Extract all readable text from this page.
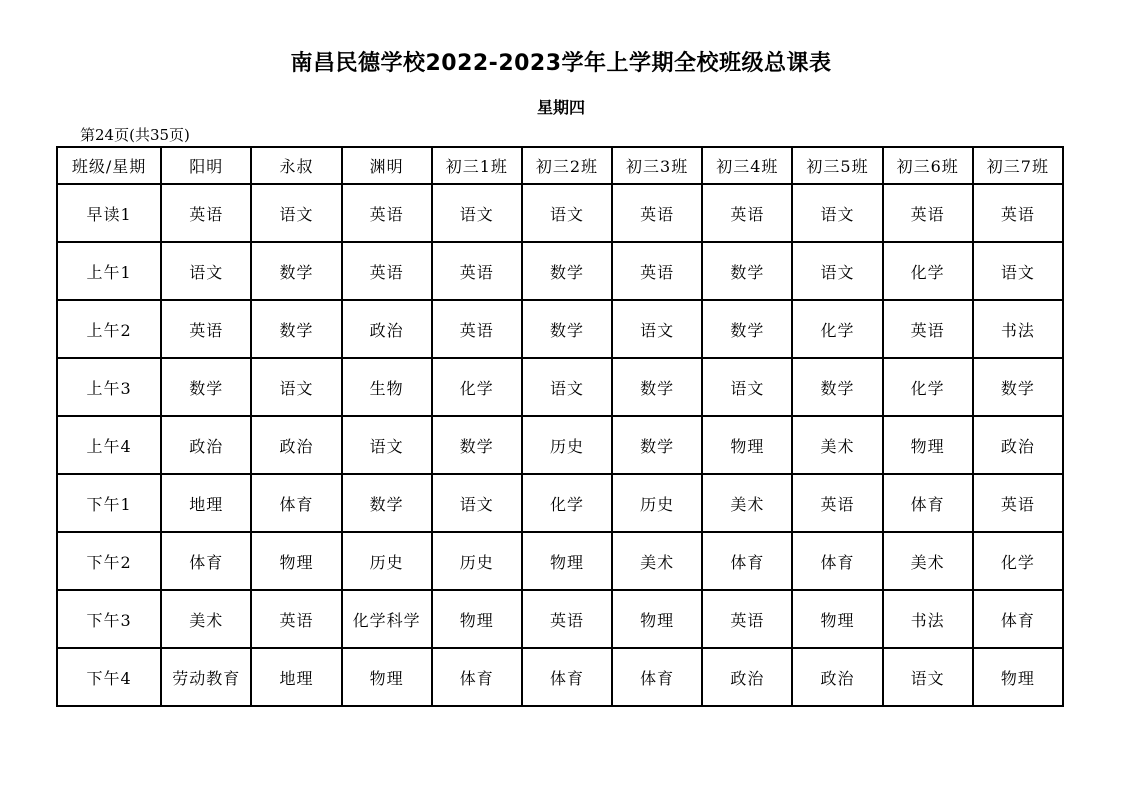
南昌民德学校2022-2023学年上学期全校班级总课表
星期四
第24页(共35页)
班级/星期	阳明	永叔	渊明	初三1班	初三2班	初三3班	初三4班	初三5班	初三6班	初三7班
早读1	英语	语文	英语	语文	语文	英语	英语	语文	英语	英语
上午1	语文	数学	英语	英语	数学	英语	数学	语文	化学	语文
上午2	英语	数学	政治	英语	数学	语文	数学	化学	英语	书法
上午3	数学	语文	生物	化学	语文	数学	语文	数学	化学	数学
上午4	政治	政治	语文	数学	历史	数学	物理	美术	物理	政治
下午1	地理	体育	数学	语文	化学	历史	美术	英语	体育	英语
下午2	体育	物理	历史	历史	物理	美术	体育	体育	美术	化学
下午3	美术	英语	化学科学	物理	英语	物理	英语	物理	书法	体育
下午4	劳动教育	地理	物理	体育	体育	体育	政治	政治	语文	物理
